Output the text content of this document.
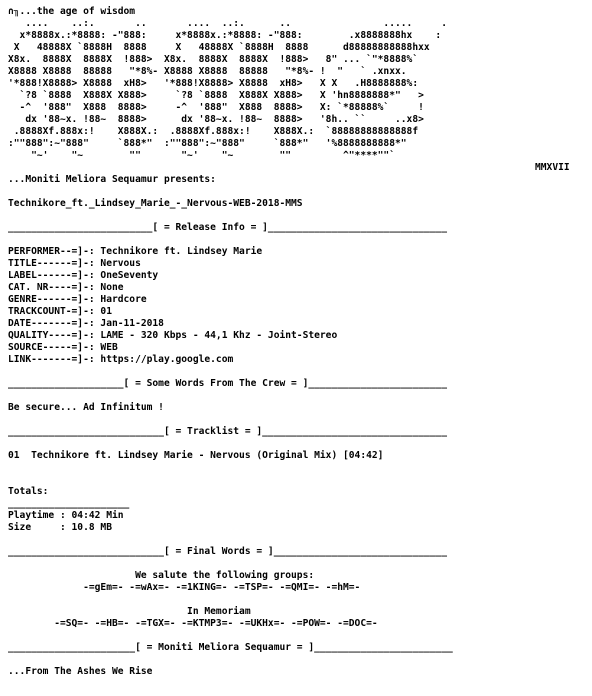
∩╖...the age of wisdom
....    ..:.       ..       ....  ..:.      ..                .....     .
x*8888x.:*8888: -"888:     x*8888x.:*8888: -"888:        .x8888888hx    :
X   48888X `8888H  8888     X   48888X `8888H  8888      d88888888888hxx
X8x.  8888X  8888X  !888>  X8x.  8888X  8888X  !888>   8" ... `"*8888%`
X8888 X8888  88888   "*8%- X8888 X8888  88888   "*8%- !  "   ` .xnxx.
'*888!X8888> X8888  xH8>   '*888!X8888> X8888  xH8>   X X   .H8888888%:
`?8 `8888  X888X X888>     `?8 `8888  X888X X888>   X 'hn8888888*"   >
-^  '888"  X888  8888>     -^  '888"  X888  8888>   X: `*88888%`     !
dx '88~x. !88~  8888>      dx '88~x. !88~  8888>   '8h.. ``     ..x8>
.8888Xf.888x:!    X888X.:  .8888Xf.888x:!    X888X.:  `88888888888888f
:""888":~"888"     `888*"  :""888":~"888"     `888*"   '%8888888888*"
"~'    "~        ""       "~'    "~        ""         ^"****""`
MMXVII
...Moniti Meliora Sequamur presents:
Technikore_ft._Lindsey_Marie_-_Nervous-WEB-2018-MMS
_________________________[ = Release Info = ]_______________________________
PERFORMER--=]-: Technikore ft. Lindsey Marie
TITLE------=]-: Nervous
LABEL------=]-: OneSeventy
CAT. NR----=]-: None
GENRE------=]-: Hardcore
TRACKCOUNT-=]-: 01
DATE-------=]-: Jan-11-2018
QUALITY----=]-: LAME - 320 Kbps - 44,1 Khz - Joint-Stereo
SOURCE-----=]-: WEB
LINK-------=]-: https://play.google.com
____________________[ = Some Words From The Crew = ]________________________
Be secure... Ad Infinitum !
___________________________[ = Tracklist = ]________________________________
01  Technikore ft. Lindsey Marie - Nervous (Original Mix) [04:42]
Totals:
_____________________
Playtime : 04:42 Min
Size     : 10.8 MB
___________________________[ = Final Words = ]______________________________
We salute the following groups:
-=gEm=- -=wAx=- -=1KING=- -=TSP=- -=QMI=- -=hM=-
In Memoriam
-=SQ=- -=HB=- -=TGX=- -=KTMP3=- -=UKHx=- -=POW=- -=DOC=-
______________________[ = Moniti Meliora Sequamur = ]________________________
...From The Ashes We Rise
